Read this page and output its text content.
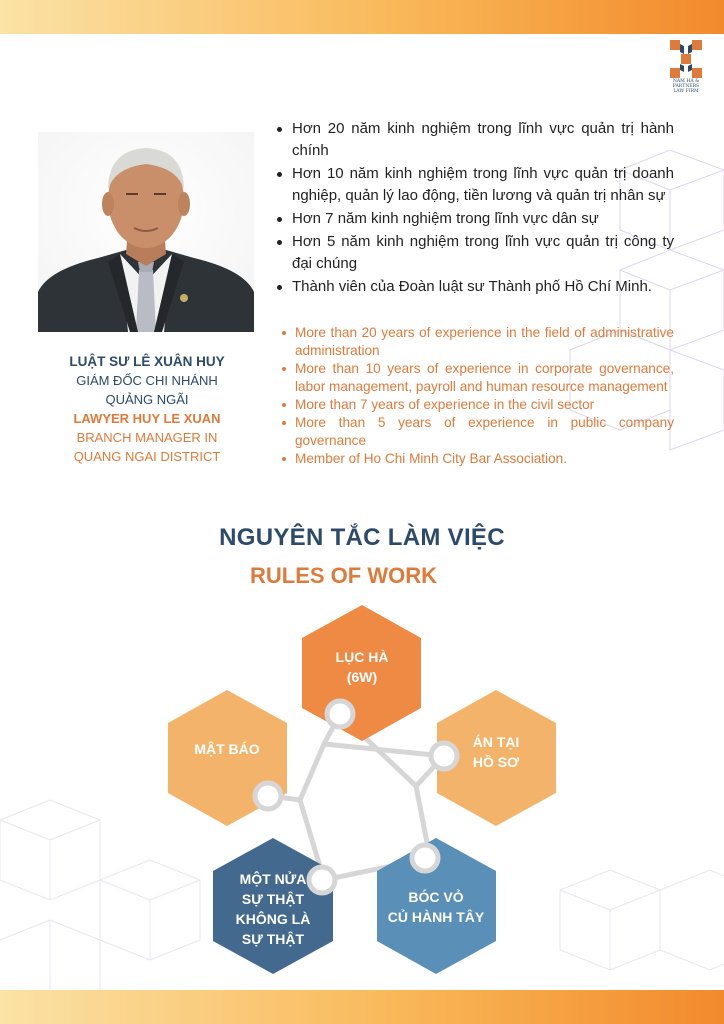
NAM HA & PARTNERS
LAW FIRM
LUẬT SƯ LÊ XUÂN HUY
GIÁM ĐỐC CHI NHÁNH
QUẢNG NGÃI
LAWYER HUY LE XUAN
BRANCH MANAGER IN
QUANG NGAI DISTRICT
Hơn 20 năm kinh nghiệm trong lĩnh vực quản trị hành chính
Hơn 10 năm kinh nghiệm trong lĩnh vực quản trị doanh nghiệp, quản lý lao động, tiền lương và quản trị nhân sự
Hơn 7 năm kinh nghiệm trong lĩnh vực dân sự
Hơn 5 năm kinh nghiệm trong lĩnh vực quản trị công ty đại chúng
Thành viên của Đoàn luật sư Thành phố Hồ Chí Minh.
More than 20 years of experience in the field of administrative administration
More than 10 years of experience in corporate governance, labor management, payroll and human resource management
More than 7 years of experience in the civil sector
More than 5 years of experience in public company governance
Member of Ho Chi Minh City Bar Association.
NGUYÊN TẮC LÀM VIỆC
RULES OF WORK
LỤC HÀ
(6W)
ÁN TẠI
HỒ SƠ
BÓC VỎ
CỦ HÀNH TÂY
MỘT NỬA
SỰ THẬT
KHÔNG LÀ
SỰ THẬT
MẬT BÁO
